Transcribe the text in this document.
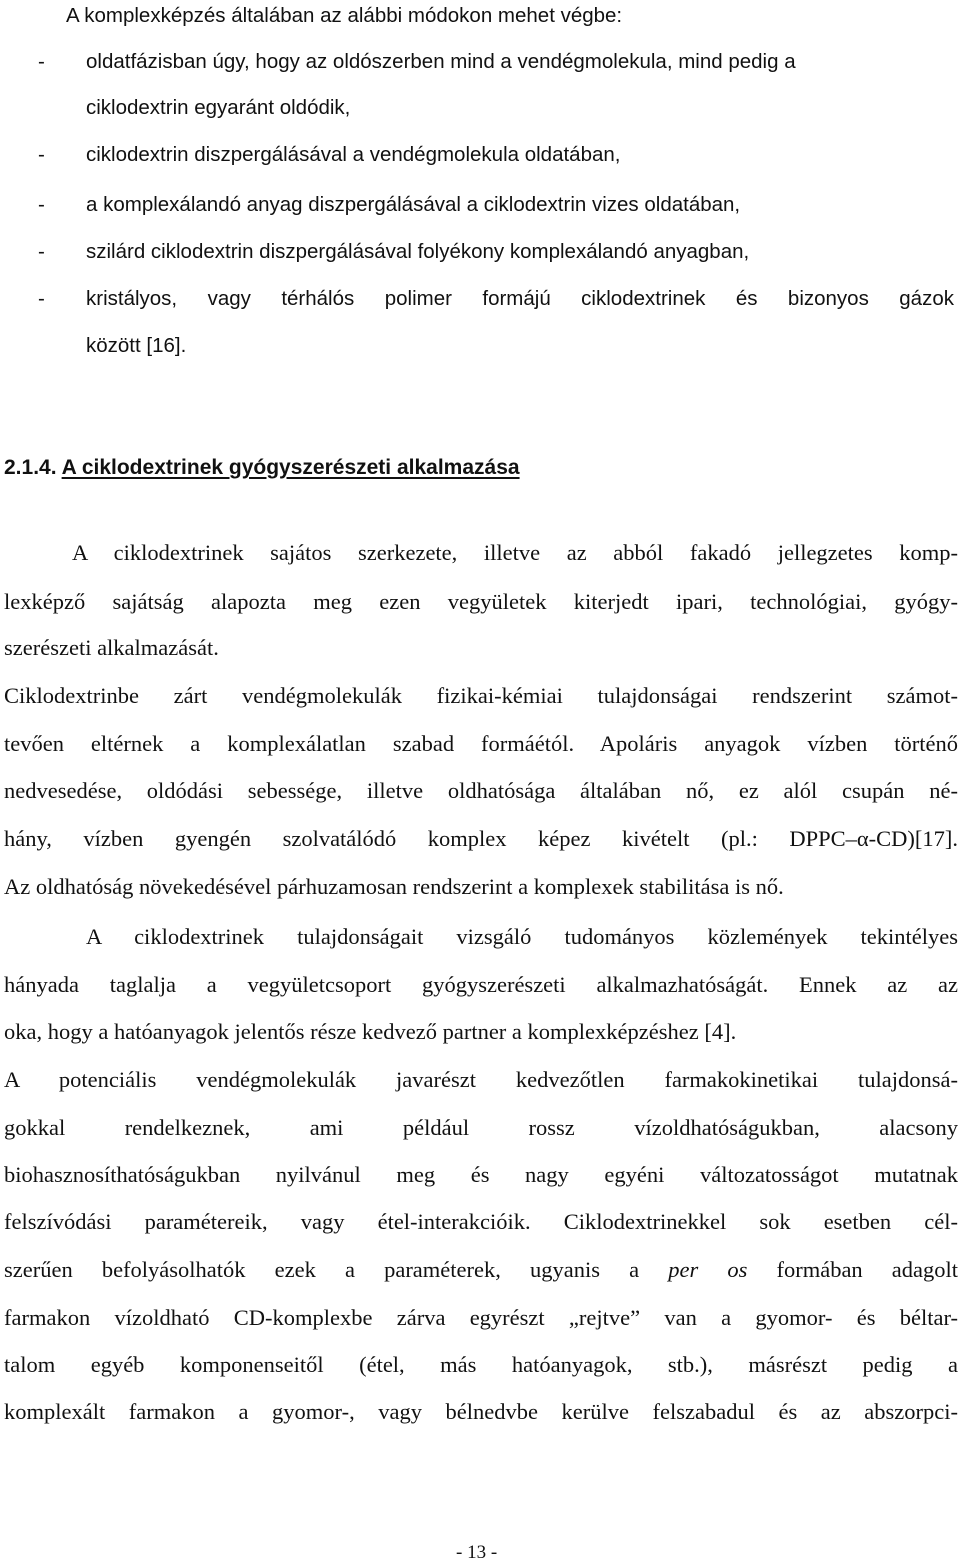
A komplexképzés általában az alábbi módokon mehet végbe:
- oldatfázisban úgy, hogy az oldószerben mind a vendégmolekula, mind pedig a
ciklodextrin egyaránt oldódik,
- ciklodextrin diszpergálásával a vendégmolekula oldatában,
- a komplexálandó anyag diszpergálásával a ciklodextrin vizes oldatában,
- szilárd ciklodextrin diszpergálásával folyékony komplexálandó anyagban,
- kristályos, vagy térhálós polimer formájú ciklodextrinek és bizonyos gázok
között [16].
2.1.4. A ciklodextrinek gyógyszerészeti alkalmazása
A ciklodextrinek sajátos szerkezete, illetve az abból fakadó jellegzetes komp-
lexképző sajátság alapozta meg ezen vegyületek kiterjedt ipari, technológiai, gyógy-
szerészeti alkalmazását.
Ciklodextrinbe zárt vendégmolekulák fizikai-kémiai tulajdonságai rendszerint számot-
tevően eltérnek a komplexálatlan szabad formáétól. Apoláris anyagok vízben történő
nedvesedése, oldódási sebessége, illetve oldhatósága általában nő, ez alól csupán né-
hány, vízben gyengén szolvatálódó komplex képez kivételt (pl.: DPPC–α-CD)[17].
Az oldhatóság növekedésével párhuzamosan rendszerint a komplexek stabilitása is nő.
A ciklodextrinek tulajdonságait vizsgáló tudományos közlemények tekintélyes
hányada taglalja a vegyületcsoport gyógyszerészeti alkalmazhatóságát. Ennek az az
oka, hogy a hatóanyagok jelentős része kedvező partner a komplexképzéshez [4].
A potenciális vendégmolekulák javarészt kedvezőtlen farmakokinetikai tulajdonsá-
gokkal rendelkeznek, ami például rossz vízoldhatóságukban, alacsony
biohasznosíthatóságukban nyilvánul meg és nagy egyéni változatosságot mutatnak
felszívódási paramétereik, vagy étel-interakcióik. Ciklodextrinekkel sok esetben cél-
szerűen befolyásolhatók ezek a paraméterek, ugyanis a per os formában adagolt
farmakon vízoldható CD-komplexbe zárva egyrészt „rejtve” van a gyomor- és béltar-
talom egyéb komponenseitől (étel, más hatóanyagok, stb.), másrészt pedig a
komplexált farmakon a gyomor-, vagy bélnedvbe kerülve felszabadul és az abszorpci-
- 13 -
